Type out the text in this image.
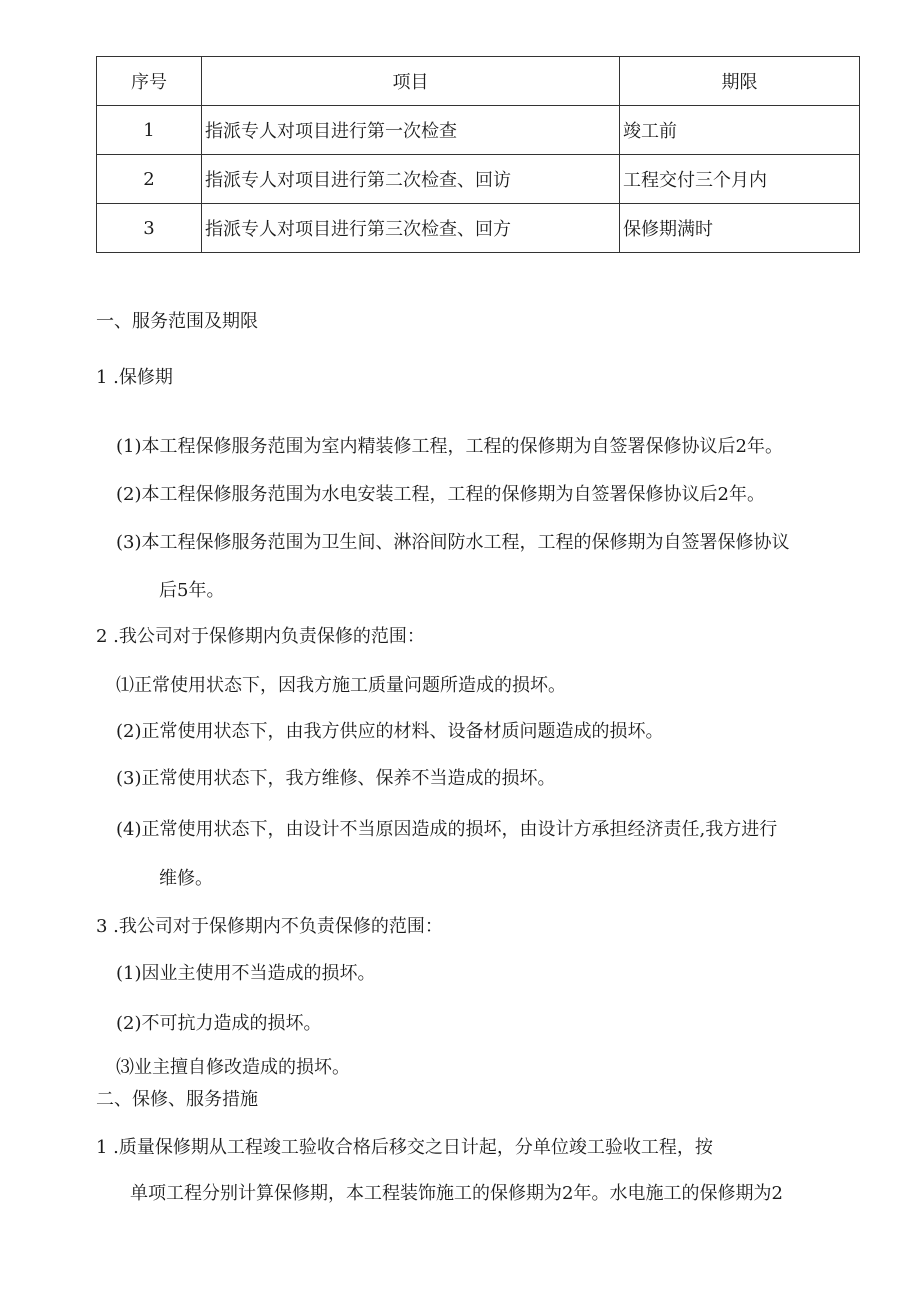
序号	项目	期限
1	指派专人对项目进行第一次检查	竣工前
2	指派专人对项目进行第二次检查、回访	工程交付三个月内
3	指派专人对项目进行第三次检查、回方	保修期满时
一、服务范围及期限
1 .保修期
(1)本工程保修服务范围为室内精装修工程，工程的保修期为自签署保修协议后2年。
(2)本工程保修服务范围为水电安装工程，工程的保修期为自签署保修协议后2年。
(3)本工程保修服务范围为卫生间、淋浴间防水工程，工程的保修期为自签署保修协议
后5年。
2 .我公司对于保修期内负责保修的范围：
⑴正常使用状态下，因我方施工质量问题所造成的损坏。
(2)正常使用状态下，由我方供应的材料、设备材质问题造成的损坏。
(3)正常使用状态下，我方维修、保养不当造成的损坏。
(4)正常使用状态下，由设计不当原因造成的损坏，由设计方承担经济责任,我方进行
维修。
3 .我公司对于保修期内不负责保修的范围：
(1)因业主使用不当造成的损坏。
(2)不可抗力造成的损坏。
⑶业主擅自修改造成的损坏。
二、保修、服务措施
1 .质量保修期从工程竣工验收合格后移交之日计起，分单位竣工验收工程，按
单项工程分别计算保修期，本工程装饰施工的保修期为2年。水电施工的保修期为2
